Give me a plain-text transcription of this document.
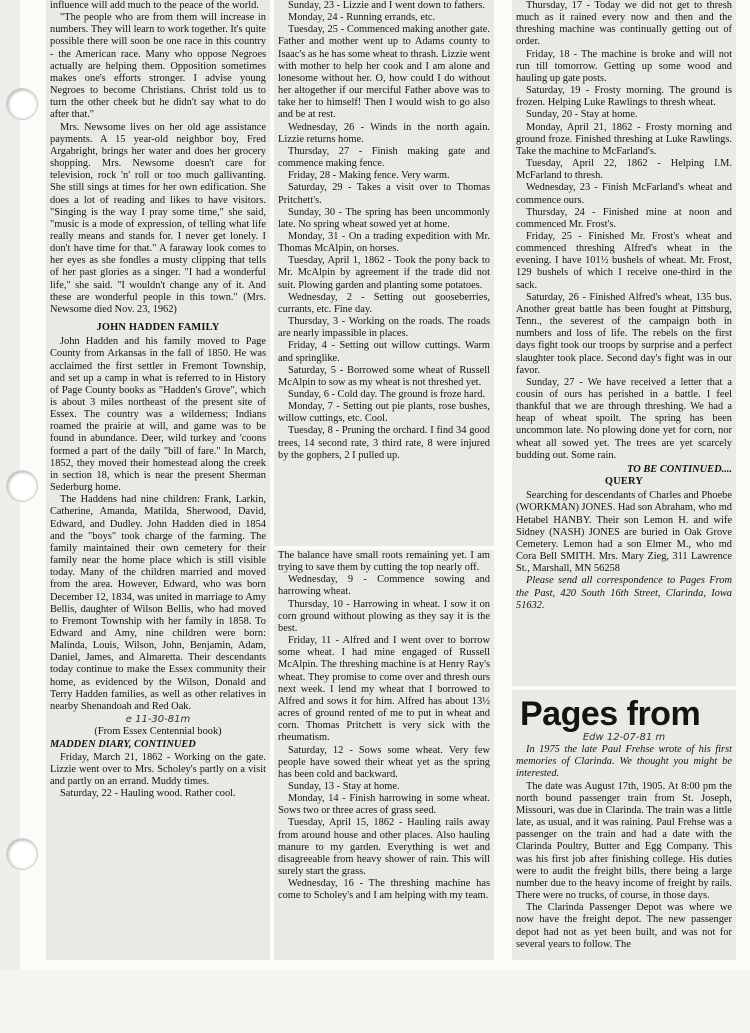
influence will add much to the peace of the world.

"The people who are from them will increase in numbers. They will learn to work together. It's quite possible there will soon be one race in this country - the American race. Many who oppose Negroes actually are helping them. Opposition sometimes makes one's efforts stronger. I advise young Negroes to become Christians. Christ told us to turn the other cheek but he didn't say what to do after that."

Mrs. Newsome lives on her old age assistance payments. A 15 year-old neighbor boy, Fred Argabright, brings her water and does her grocery shopping. Mrs. Newsome doesn't care for television, rock 'n' roll or too much gallivanting. She still sings at times for her own edification. She does a lot of reading and likes to have visitors. "Singing is the way I pray some time," she said, "music is a mode of expression, of telling what life really means and stands for. I never get lonely. I don't have time for that." A faraway look comes to her eyes as she fondles a musty clipping that tells of her past glories as a singer. "I had a wonderful life," she said. "I wouldn't change any of it. And these are wonderful people in this town." (Mrs. Newsome died Nov. 23, 1962)

JOHN HADDEN FAMILY

John Hadden and his family moved to Page County from Arkansas in the fall of 1850. He was acclaimed the first settler in Fremont Township, and set up a camp in what is referred to in History of Page County books as "Hadden's Grove", which is about 3 miles northeast of the present site of Essex. The country was a wilderness; Indians roamed the prairie at will, and game was to be found in abundance. Deer, wild turkey and 'coons formed a part of the daily "bill of fare." In March, 1852, they moved their homestead along the creek in section 18, which is near the present Sherman Sederburg home.

The Haddens had nine children: Frank, Larkin, Catherine, Amanda, Matilda, Sherwood, David, Edward, and Dudley. John Hadden died in 1854 and the "boys" took charge of the farming. The family maintained their own cemetery for their family near the home place which is still visible today. Many of the children married and moved from the area. However, Edward, who was born December 12, 1834, was united in marriage to Amy Bellis, daughter of Wilson Bellis, who had moved to Fremont Township with her family in 1858. To Edward and Amy, nine children were born: Malinda, Louis, Wilson, John, Benjamin, Adam, Daniel, James, and Almaretta. Their descendants today continue to make the Essex community their home, as evidenced by the Wilson, Donald and Terry Hadden families, as well as other relatives in nearby Shenandoah and Red Oak.

e 11-30-81m
(From Essex Centennial book)
MADDEN DIARY, CONTINUED

Friday, March 21, 1862 - Working on the gate. Lizzie went over to Mrs. Scholey's partly on a visit and partly on an errand. Muddy times.

Saturday, 22 - Hauling wood. Rather cool.

Sunday, 23 - Lizzie and I went down to fathers.

Monday, 24 - Running errands, etc.

Tuesday, 25 - Commenced making another gate. Father and mother went up to Adams county to Isaac's as he has some wheat to thrash. Lizzie went with mother to help her cook and I am alone and lonesome without her. O, how could I do without her altogether if our merciful Father above was to take her to himself! Then I would wish to go also and be at rest.

Wednesday, 26 - Winds in the north again. Lizzie returns home.

Thursday, 27 - Finish making gate and commence making fence.

Friday, 28 - Making fence. Very warm.

Saturday, 29 - Takes a visit over to Thomas Pritchett's.

Sunday, 30 - The spring has been uncommonly late. No spring wheat sowed yet at home.

Monday, 31 - On a trading expedition with Mr. Thomas McAlpin, on horses.

Tuesday, April 1, 1862 - Took the pony back to Mr. McAlpin by agreement if the trade did not suit. Plowing garden and planting some potatoes.

Wednesday, 2 - Setting out gooseberries, currants, etc. Fine day.

Thursday, 3 - Working on the roads. The roads are nearly impassible in places.

Friday, 4 - Setting out willow cuttings. Warm and springlike.

Saturday, 5 - Borrowed some wheat of Russell McAlpin to sow as my wheat is not threshed yet.

Sunday, 6 - Cold day. The ground is froze hard.

Monday, 7 - Setting out pie plants, rose bushes, willow cuttings, etc. Cool.

Tuesday, 8 - Pruning the orchard. I find 34 good trees, 14 second rate, 3 third rate, 8 were injured by the gophers, 2 I pulled up.

The balance have small roots remaining yet. I am trying to save them by cutting the top nearly off.

Wednesday, 9 - Commence sowing and harrowing wheat.

Thursday, 10 - Harrowing in wheat. I sow it on corn ground without plowing as they say it is the best.

Friday, 11 - Alfred and I went over to borrow some wheat. I had mine engaged of Russell McAlpin. The threshing machine is at Henry Ray's wheat. They promise to come over and thresh ours next week. I lend my wheat that I borrowed to Alfred and sows it for him. Alfred has about 13½ acres of ground rented of me to put in wheat and corn. Thomas Pritchett is very sick with the rheumatism.

Saturday, 12 - Sows some wheat. Very few people have sowed their wheat yet as the spring has been cold and backward.

Sunday, 13 - Stay at home.

Monday, 14 - Finish harrowing in some wheat. Sows two or three acres of grass seed.

Tuesday, April 15, 1862 - Hauling rails away from around house and other places. Also hauling manure to my garden. Everything is wet and disagreeable from heavy shower of rain. This will surely start the grass.

Wednesday, 16 - The threshing machine has come to Scholey's and I am helping with my team.

Thursday, 17 - Today we did not get to thresh much as it rained every now and then and the threshing machine was continually getting out of order.

Friday, 18 - The machine is broke and will not run till tomorrow. Getting up some wood and hauling up gate posts.

Saturday, 19 - Frosty morning. The ground is frozen. Helping Luke Rawlings to thresh wheat.

Sunday, 20 - Stay at home.

Monday, April 21, 1862 - Frosty morning and ground froze. Finished threshing at Luke Rawlings. Take the machine to McFarland's.

Tuesday, April 22, 1862 - Helping I.M. McFarland to thresh.

Wednesday, 23 - Finish McFarland's wheat and commence ours.

Thursday, 24 - Finished mine at noon and commenced Mr. Frost's.

Friday, 25 - Finished Mr. Frost's wheat and commenced threshing Alfred's wheat in the evening. I have 101½ bushels of wheat. Mr. Frost, 129 bushels of which I receive one-third in the sack.

Saturday, 26 - Finished Alfred's wheat, 135 bus. Another great battle has been fought at Pittsburg, Tenn., the severest of the campaign both in numbers and loss of life. The rebels on the first days fight took our troops by surprise and a perfect slaughter took place. Second day's fight was in our favor.

Sunday, 27 - We have received a letter that a cousin of ours has perished in a battle. I feel thankful that we are through threshing. We had a heap of wheat spoilt. The spring has been uncommon late. No plowing done yet for corn, nor wheat all sowed yet. The trees are yet scarcely budding out. Some rain.

TO BE CONTINUED....
QUERY

Searching for descendants of Charles and Phoebe (WORKMAN) JONES. Had son Abraham, who md Hetabel HANBY. Their son Lemon H. and wife Sidney (NASH) JONES are buried in Oak Grove Cemetery. Lemon had a son Elmer M., who md Cora Bell SMITH. Mrs. Mary Zieg, 311 Lawrence St., Marshall, MN 56258

Please send all correspondence to Pages From the Past, 420 South 16th Street, Clarinda, Iowa 51632.

Pages from
Edw 12-07-81 m

In 1975 the late Paul Frehse wrote of his first memories of Clarinda. We thought you might be interested.

The date was August 17th, 1905. At 8:00 pm the north bound passenger train from St. Joseph, Missouri, was due in Clarinda. The train was a little late, as usual, and it was raining. Paul Frehse was a passenger on the train and had a date with the Clarinda Poultry, Butter and Egg Company. This was his first job after finishing college. His duties were to audit the freight bills, there being a large number due to the heavy income of freight by rails. There were no trucks, of course, in those days.

The Clarinda Passenger Depot was where we now have the freight depot. The new passenger depot had not as yet been built, and was not for several years to follow. The
